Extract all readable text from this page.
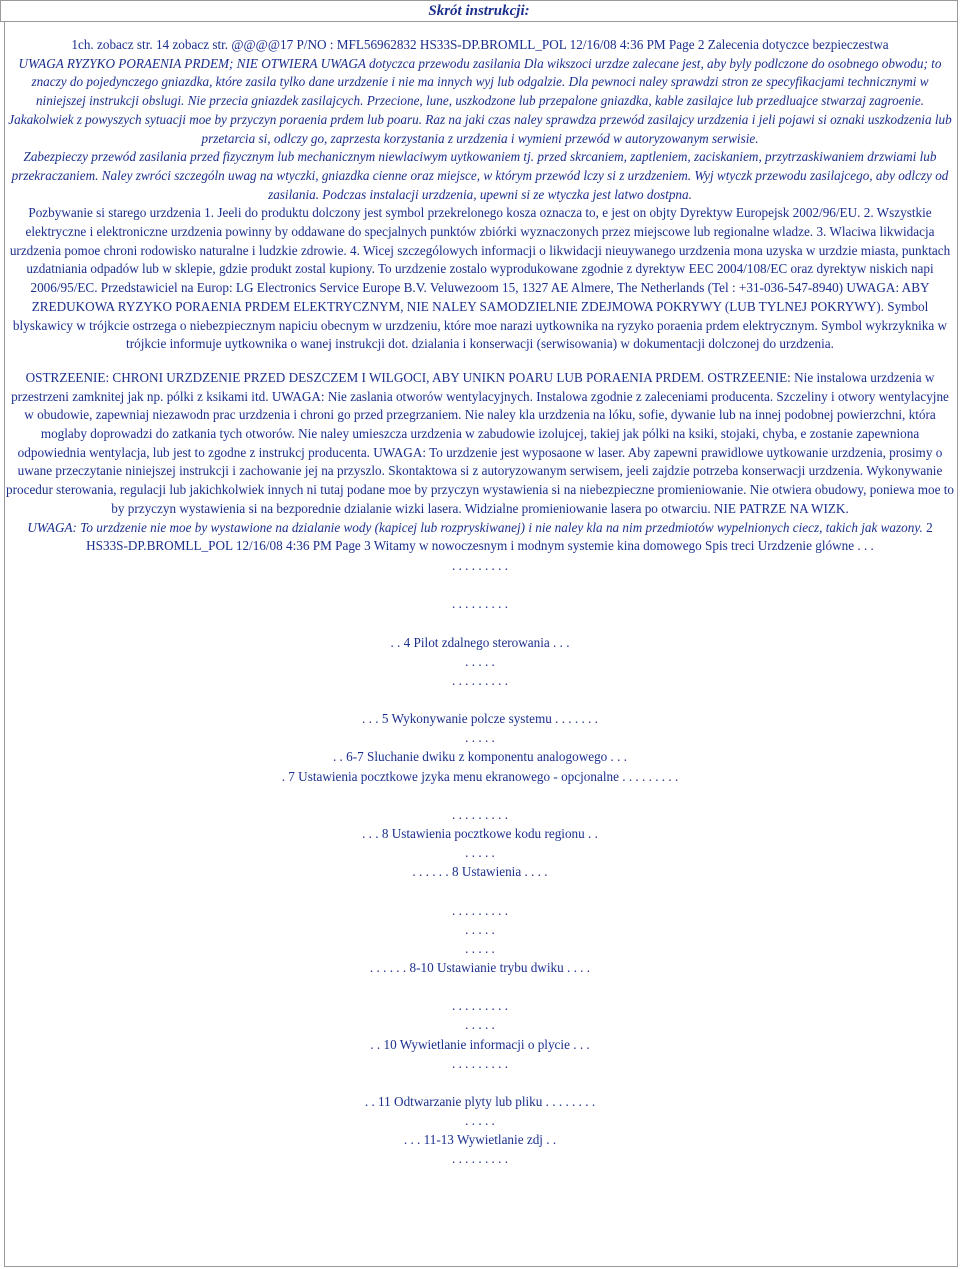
Skrót instrukcji:

1ch. zobacz str. 14 zobacz str. @@@@17 P/NO : MFL56962832 HS33S-DP.BROMLL_POL 12/16/08 4:36 PM Page 2 Zalecenia dotyczce bezpieczestwa

UWAGA RYZYKO PORAENIA PRDEM; NIE OTWIERA UWAGA dotyczca przewodu zasilania Dla wikszoci urzdze zalecane jest, aby byly podlczone do osobnego obwodu; to znaczy do pojedynczego gniazdka, które zasila tylko dane urzdzenie i nie ma innych wyj lub odgalzie. Dla pewnoci naley sprawdzi stron ze specyfikacjami technicznymi w niniejszej instrukcji obslugi. Nie przecia gniazdek zasilajcych. Przecione, lune, uszkodzone lub przepalone gniazdka, kable zasilajce lub przedluajce stwarzaj zagroenie. Jakakolwiek z powyszych sytuacji moe by przyczyn poraenia prdem lub poaru. Raz na jaki czas naley sprawdza przewód zasilajcy urzdzenia i jeli pojawi si oznaki uszkodzenia lub przetarcia si, odlczy go, zaprzesta korzystania z urzdzenia i wymieni przewód w autoryzowanym serwisie.

Zabezpieczy przewód zasilania przed fizycznym lub mechanicznym niewlaciwym uytkowaniem tj. przed skrcaniem, zaptleniem, zaciskaniem, przytrzaskiwaniem drzwiami lub przekraczaniem. Naley zwróci szczególn uwag na wtyczki, gniazdka cienne oraz miejsce, w którym przewód lczy si z urzdzeniem. Wyj wtyczk przewodu zasilajcego, aby odlczy od zasilania. Podczas instalacji urzdzenia, upewni si ze wtyczka jest latwo dostpna.

Pozbywanie si starego urzdzenia 1. Jeeli do produktu dolczony jest symbol przekrelonego kosza oznacza to, e jest on objty Dyrektyw Europejsk 2002/96/EU. 2. Wszystkie elektryczne i elektroniczne urzdzenia powinny by oddawane do specjalnych punktów zbiórki wyznaczonych przez miejscowe lub regionalne wladze. 3. Wlaciwa likwidacja urzdzenia pomoe chroni rodowisko naturalne i ludzkie zdrowie. 4. Wicej szczególowych informacji o likwidacji nieuywanego urzdzenia mona uzyska w urzdzie miasta, punktach uzdatniania odpadów lub w sklepie, gdzie produkt zostal kupiony. To urzdzenie zostalo wyprodukowane zgodnie z dyrektyw EEC 2004/108/EC oraz dyrektyw niskich napi 2006/95/EC. Przedstawiciel na Europ: LG Electronics Service Europe B.V. Veluwezoom 15, 1327 AE Almere, The Netherlands (Tel : +31-036-547-8940) UWAGA: ABY ZREDUKOWA RYZYKO PORAENIA PRDEM ELEKTRYCZNYM, NIE NALEY SAMODZIELNIE ZDEJMOWA POKRYWY (LUB TYLNEJ POKRYWY). Symbol blyskawicy w trójkcie ostrzega o niebezpiecznym napiciu obecnym w urzdzeniu, które moe narazi uytkownika na ryzyko poraenia prdem elektrycznym. Symbol wykrzyknika w trójkcie informuje uytkownika o wanej instrukcji dot. dzialania i konserwacji (serwisowania) w dokumentacji dolczonej do urzdzenia.

OSTRZEENIE: CHRONI URZDZENIE PRZED DESZCZEM I WILGOCI, ABY UNIKN POARU LUB PORAENIA PRDEM. OSTRZEENIE: Nie instalowa urzdzenia w przestrzeni zamknitej jak np. pólki z ksikami itd. UWAGA: Nie zaslania otworów wentylacyjnych. Instalowa zgodnie z zaleceniami producenta. Szczeliny i otwory wentylacyjne w obudowie, zapewniaj niezawodn prac urzdzenia i chroni go przed przegrzaniem. Nie naley kla urzdzenia na lóku, sofie, dywanie lub na innej podobnej powierzchni, która moglaby doprowadzi do zatkania tych otworów. Nie naley umieszcza urzdzenia w zabudowie izolujcej, takiej jak pólki na ksiki, stojaki, chyba, e zostanie zapewniona odpowiednia wentylacja, lub jest to zgodne z instrukcj producenta. UWAGA: To urzdzenie jest wyposaone w laser. Aby zapewni prawidlowe uytkowanie urzdzenia, prosimy o uwane przeczytanie niniejszej instrukcji i zachowanie jej na przyszlo. Skontaktowa si z autoryzowanym serwisem, jeeli zajdzie potrzeba konserwacji urzdzenia. Wykonywanie procedur sterowania, regulacji lub jakichkolwiek innych ni tutaj podane moe by przyczyn wystawienia si na niebezpieczne promieniowanie. Nie otwiera obudowy, poniewa moe to by przyczyn wystawienia si na bezporednie dzialanie wizki lasera. Widzialne promieniowanie lasera po otwarciu. NIE PATRZE NA WIZK.

UWAGA: To urzdzenie nie moe by wystawione na dzialanie wody (kapicej lub rozpryskiwanej) i nie naley kla na nim przedmiotów wypelnionych ciecz, takich jak wazony. 2 HS33S-DP.BROMLL_POL 12/16/08 4:36 PM Page 3 Witamy w nowoczesnym i modnym systemie kina domowego Spis treci Urzdzenie glówne . . .

. . . . . . . . .
. . . . . . . . .
. . 4 Pilot zdalnego sterowania . . .
. . . . .
. . . . . . . . .
. . . 5 Wykonywanie polcze systemu . . . . . . .
. . . . .
. . 6-7 Sluchanie dwiku z komponentu analogowego . . .
. 7 Ustawienia pocztkowe jzyka menu ekranowego - opcjonalne . . . . . . . . .
. . . . . . . . .
. . . 8 Ustawienia pocztkowe kodu regionu . .
. . . . .
. . . . . . 8 Ustawienia . . . .
. . . . . . . . .
. . . . .
. . . . .
. . . . . . 8-10 Ustawianie trybu dwiku . . . .
. . . . . . . . .
. . . . .
. . 10 Wywietlanie informacji o plycie . . .
. . . . . . . . .
. . 11 Odtwarzanie plyty lub pliku . . . . . . . .
. . . . .
. . . 11-13 Wywietlanie zdj . .
. . . . . . . . .
